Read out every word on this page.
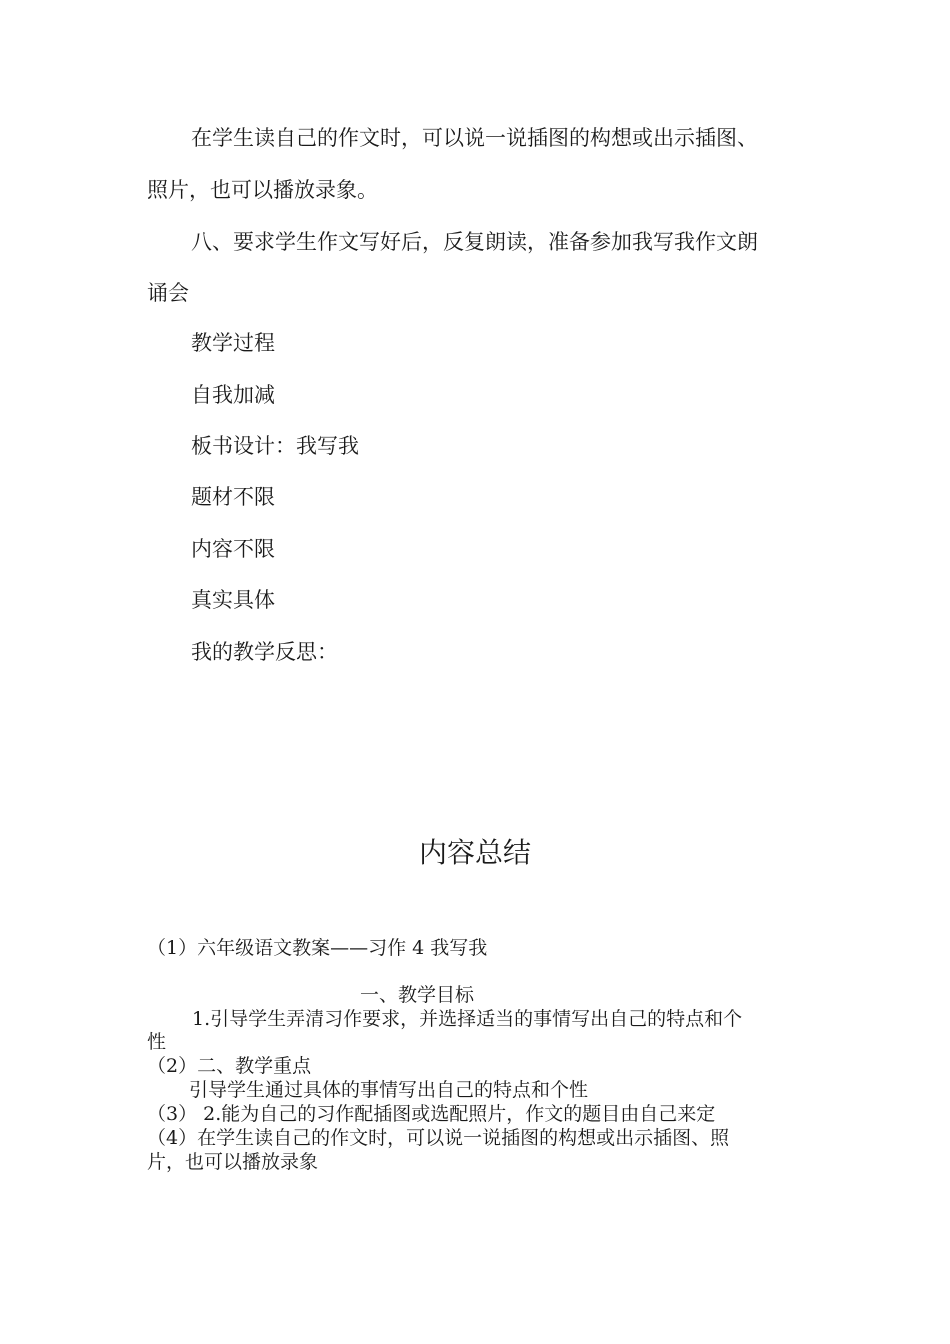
在学生读自己的作文时，可以说一说插图的构想或出示插图、

照片，也可以播放录象。

八、要求学生作文写好后，反复朗读，准备参加我写我作文朗

诵会

教学过程

自我加减

板书设计：我写我

题材不限

内容不限

真实具体

我的教学反思：

内容总结

（1）六年级语文教案——习作 4 我写我

一、教学目标

1.引导学生弄清习作要求，并选择适当的事情写出自己的特点和个

性

（2）二、教学重点

引导学生通过具体的事情写出自己的特点和个性

（3） 2.能为自己的习作配插图或选配照片，作文的题目由自己来定

（4）在学生读自己的作文时，可以说一说插图的构想或出示插图、照

片，也可以播放录象
